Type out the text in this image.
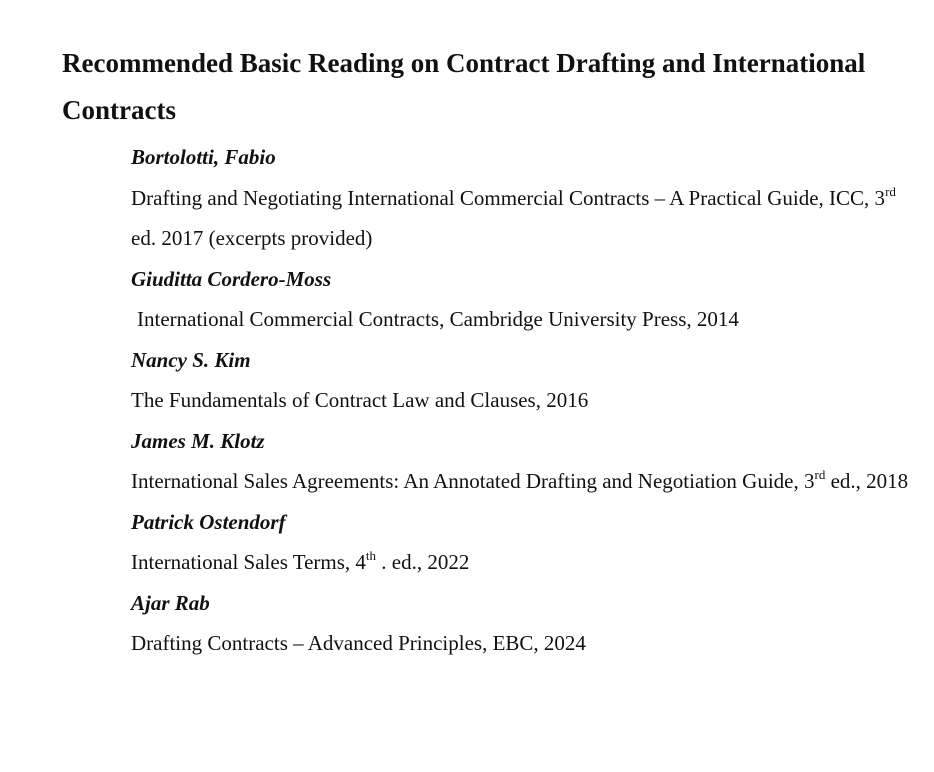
Recommended Basic Reading on Contract Drafting and International Contracts
Bortolotti, Fabio
Drafting and Negotiating International Commercial Contracts – A Practical Guide, ICC, 3rd ed. 2017 (excerpts provided)
Giuditta Cordero-Moss
International Commercial Contracts, Cambridge University Press, 2014
Nancy S. Kim
The Fundamentals of Contract Law and Clauses, 2016
James M. Klotz
International Sales Agreements: An Annotated Drafting and Negotiation Guide, 3rd ed., 2018
Patrick Ostendorf
International Sales Terms, 4th . ed., 2022
Ajar Rab
Drafting Contracts – Advanced Principles, EBC, 2024
